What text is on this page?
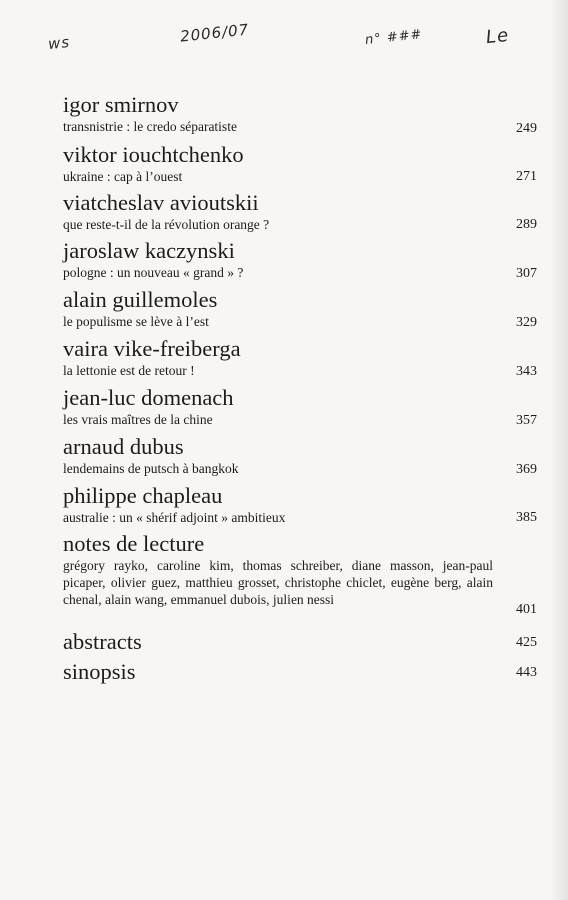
ws	2006/07	n° ###	Le
igor smirnov
transnistrie : le credo séparatiste	249
viktor iouchtchenko
ukraine : cap à l’ouest	271
viatcheslav avioutskii
que reste-t-il de la révolution orange ?	289
jaroslaw kaczynski
pologne : un nouveau « grand » ?	307
alain guillemoles
le populisme se lève à l’est	329
vaira vike-freiberga
la lettonie est de retour !	343
jean-luc domenach
les vrais maîtres de la chine	357
arnaud dubus
lendemains de putsch à bangkok	369
philippe chapleau
australie : un « shérif adjoint » ambitieux	385
notes de lecture
grégory rayko, caroline kim, thomas schreiber, diane masson, jean-paul picaper, olivier guez, matthieu grosset, christophe chiclet, eugène berg, alain chenal, alain wang, emmanuel dubois, julien nessi
401
abstracts	425
sinopsis	443
